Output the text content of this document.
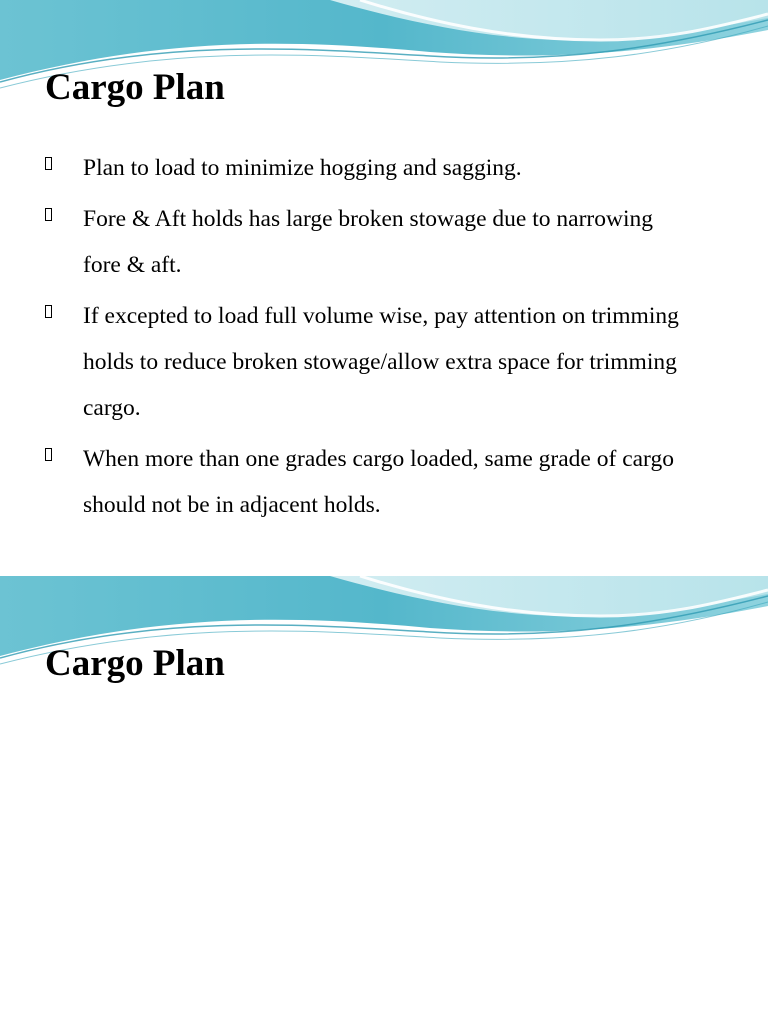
Cargo Plan
Plan to load to minimize hogging and sagging.
Fore & Aft holds has large broken stowage due to narrowing fore & aft.
If excepted to load full volume wise, pay attention on trimming holds to reduce broken stowage/allow extra space for trimming cargo.
When more than one grades cargo loaded, same grade of cargo should not be in adjacent holds.
Cargo Plan
